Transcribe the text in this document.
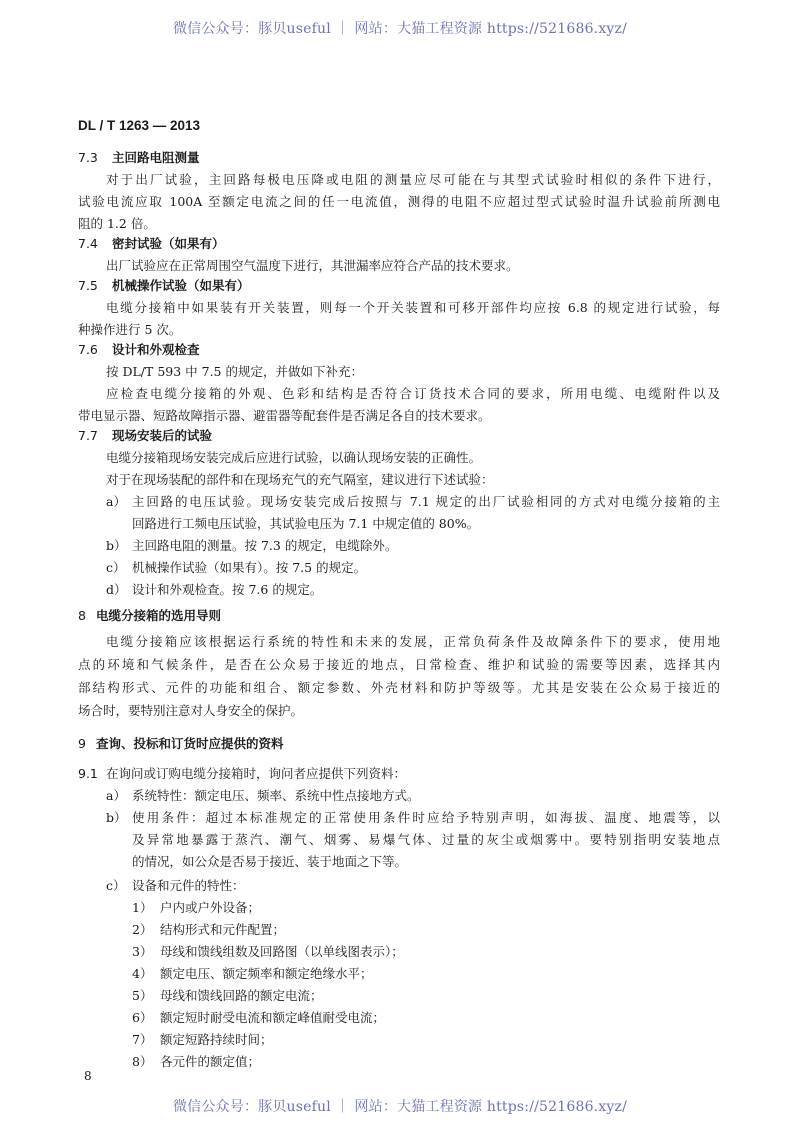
微信公众号：豚贝useful ｜ 网站：大猫工程资源 https://521686.xyz/
DL / T 1263 — 2013
7.3 主回路电阻测量
对于出厂试验，主回路每极电压降或电阻的测量应尽可能在与其型式试验时相似的条件下进行，
试验电流应取 100A 至额定电流之间的任一电流值，测得的电阻不应超过型式试验时温升试验前所测电
阻的 1.2 倍。
7.4 密封试验（如果有）
出厂试验应在正常周围空气温度下进行，其泄漏率应符合产品的技术要求。
7.5 机械操作试验（如果有）
电缆分接箱中如果装有开关装置，则每一个开关装置和可移开部件均应按 6.8 的规定进行试验，每
种操作进行 5 次。
7.6 设计和外观检查
按 DL/T 593 中 7.5 的规定，并做如下补充：
应检查电缆分接箱的外观、色彩和结构是否符合订货技术合同的要求，所用电缆、电缆附件以及
带电显示器、短路故障指示器、避雷器等配套件是否满足各自的技术要求。
7.7 现场安装后的试验
电缆分接箱现场安装完成后应进行试验，以确认现场安装的正确性。
对于在现场装配的部件和在现场充气的充气隔室，建议进行下述试验：
a） 主回路的电压试验。现场安装完成后按照与 7.1 规定的出厂试验相同的方式对电缆分接箱的主
回路进行工频电压试验，其试验电压为 7.1 中规定值的 80%。
b） 主回路电阻的测量。按 7.3 的规定，电缆除外。
c） 机械操作试验（如果有）。按 7.5 的规定。
d） 设计和外观检查。按 7.6 的规定。
8 电缆分接箱的选用导则
电缆分接箱应该根据运行系统的特性和未来的发展，正常负荷条件及故障条件下的要求，使用地
点的环境和气候条件，是否在公众易于接近的地点，日常检查、维护和试验的需要等因素，选择其内
部结构形式、元件的功能和组合、额定参数、外壳材料和防护等级等。尤其是安装在公众易于接近的
场合时，要特别注意对人身安全的保护。
9 查询、投标和订货时应提供的资料
9.1 在询问或订购电缆分接箱时，询问者应提供下列资料：
a） 系统特性：额定电压、频率、系统中性点接地方式。
b） 使用条件：超过本标准规定的正常使用条件时应给予特别声明，如海拔、温度、地震等，以
及异常地暴露于蒸汽、潮气、烟雾、易爆气体、过量的灰尘或烟雾中。要特别指明安装地点
的情况，如公众是否易于接近、装于地面之下等。
c） 设备和元件的特性：
1） 户内或户外设备；
2） 结构形式和元件配置；
3） 母线和馈线组数及回路图（以单线图表示）；
4） 额定电压、额定频率和额定绝缘水平；
5） 母线和馈线回路的额定电流；
6） 额定短时耐受电流和额定峰值耐受电流；
7） 额定短路持续时间；
8） 各元件的额定值；
8
微信公众号：豚贝useful ｜ 网站：大猫工程资源 https://521686.xyz/
